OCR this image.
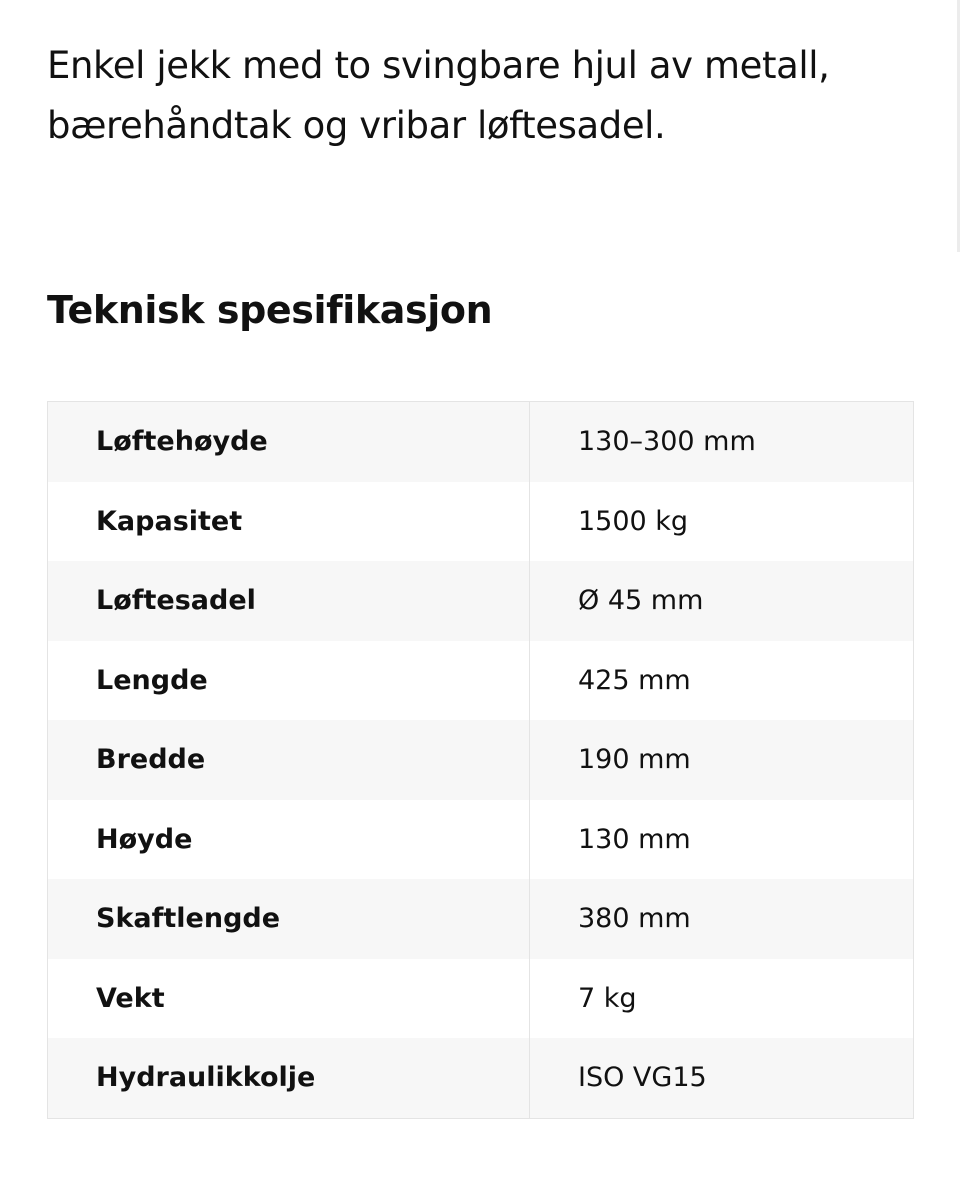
Enkel jekk med to svingbare hjul av metall,
bærehåndtak og vribar løftesadel.

Teknisk spesifikasjon
Løftehøyde	130–300 mm
Kapasitet	1500 kg
Løftesadel	Ø 45 mm
Lengde	425 mm
Bredde	190 mm
Høyde	130 mm
Skaftlengde	380 mm
Vekt	7 kg
Hydraulikkolje	ISO VG15
